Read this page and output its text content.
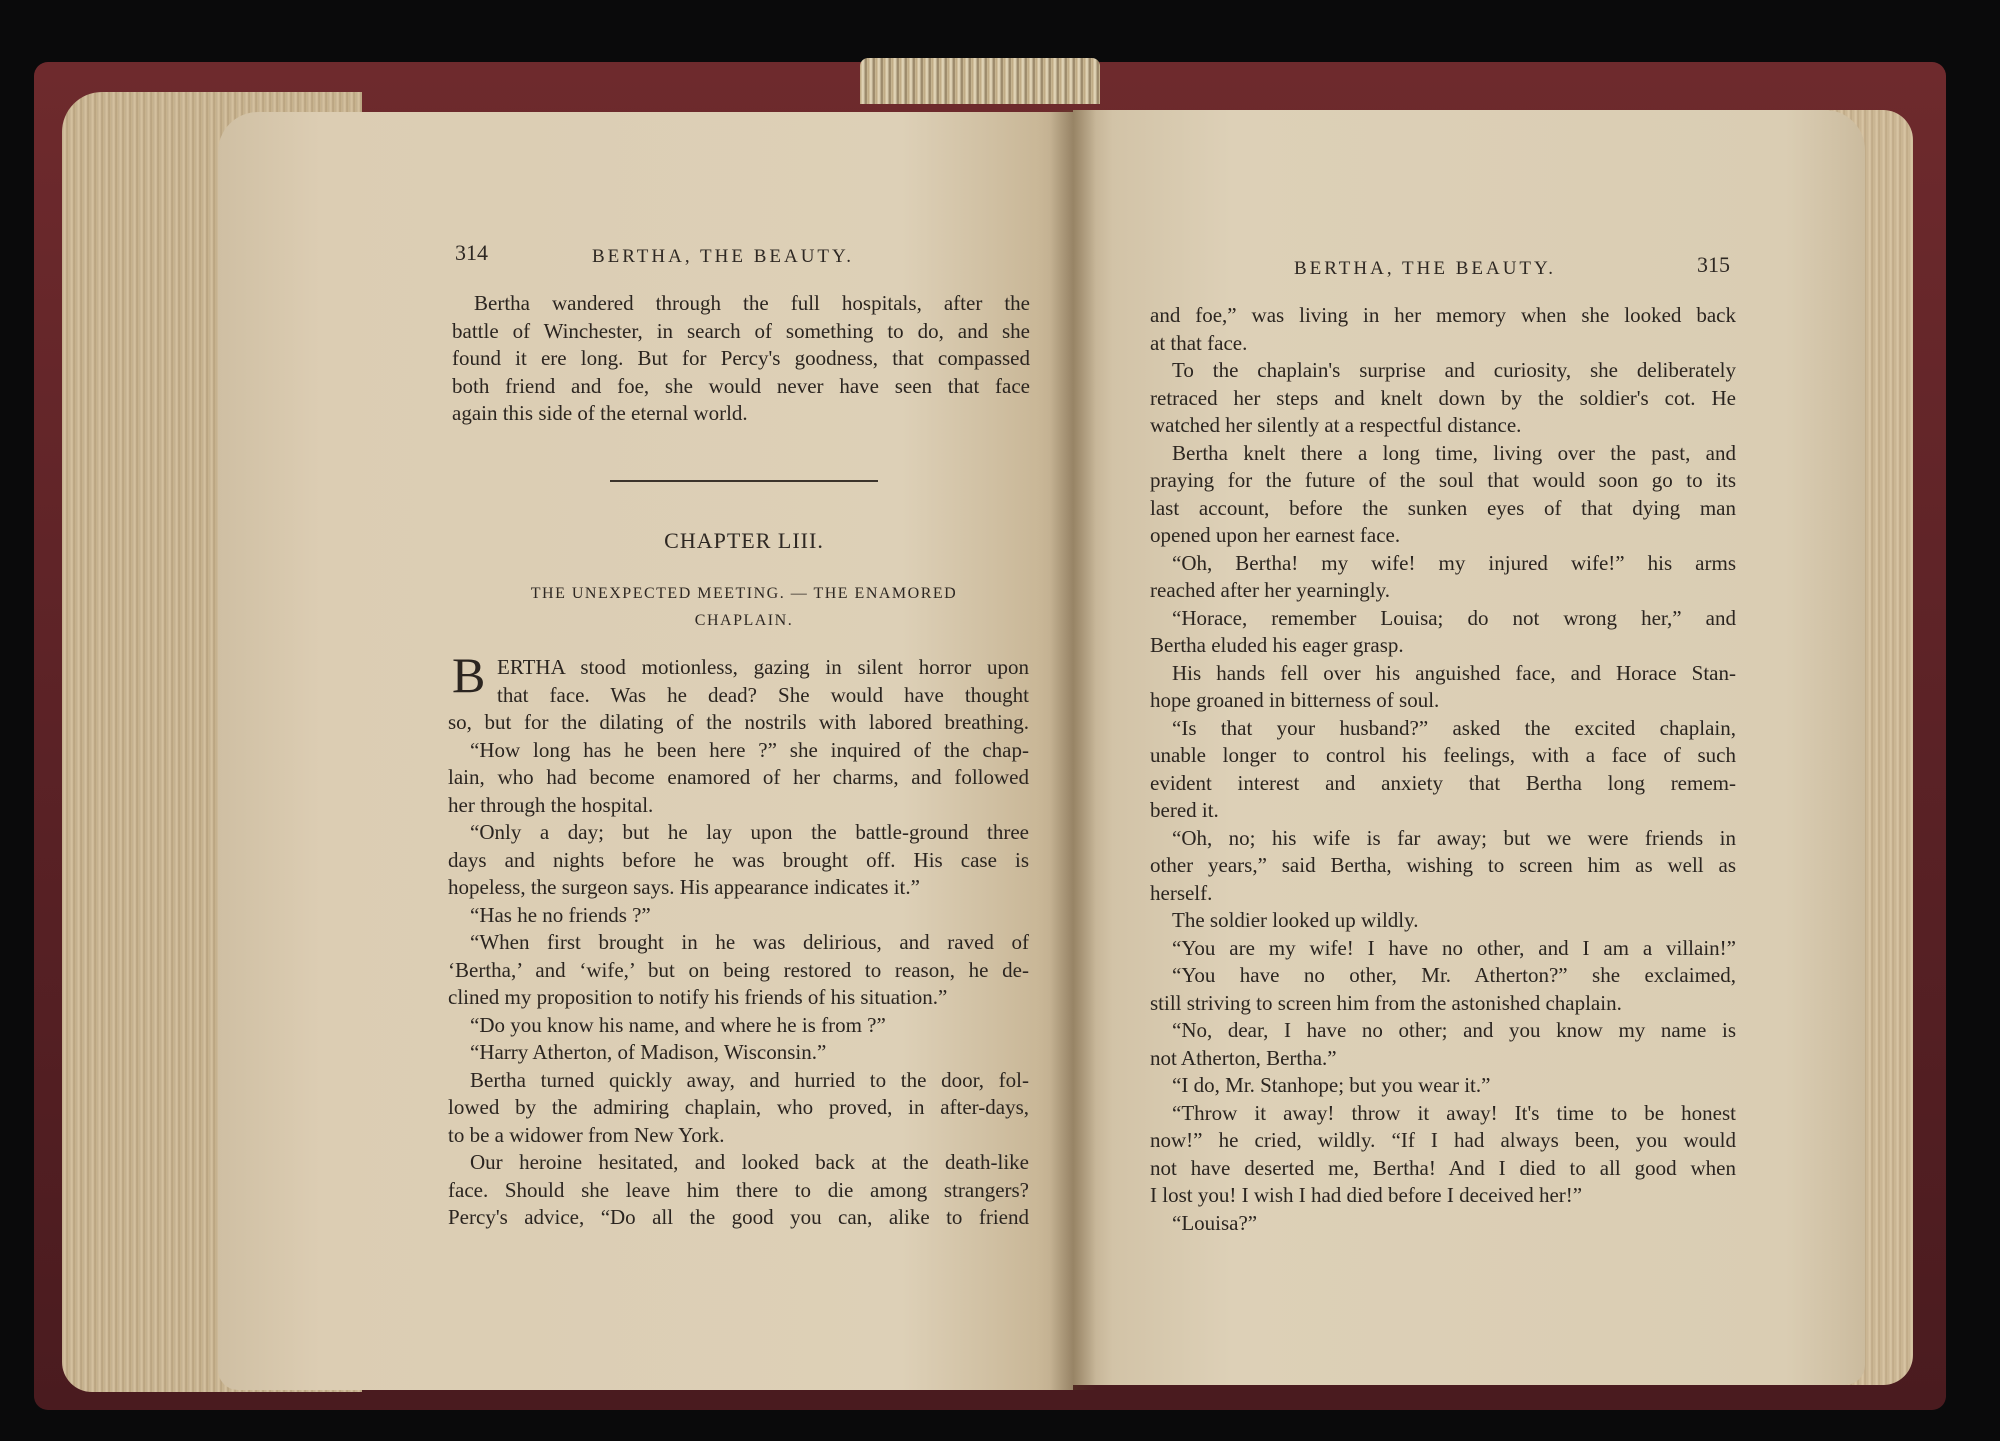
314	BERTHA, THE BEAUTY.
Bertha wandered through the full hospitals, after the
battle of Winchester, in search of something to do, and she
found it ere long. But for Percy's goodness, that compassed
both friend and foe, she would never have seen that face
again this side of the eternal world.
CHAPTER LIII.
THE UNEXPECTED MEETING. — THE ENAMORED
CHAPLAIN.
B ERTHA stood motionless, gazing in silent horror upon
that face. Was he dead? She would have thought
so, but for the dilating of the nostrils with labored breathing.
“How long has he been here ?” she inquired of the chap-
lain, who had become enamored of her charms, and followed
her through the hospital.
“Only a day; but he lay upon the battle-ground three
days and nights before he was brought off. His case is
hopeless, the surgeon says. His appearance indicates it.”
“Has he no friends ?”
“When first brought in he was delirious, and raved of
‘Bertha,’ and ‘wife,’ but on being restored to reason, he de-
clined my proposition to notify his friends of his situation.”
“Do you know his name, and where he is from ?”
“Harry Atherton, of Madison, Wisconsin.”
Bertha turned quickly away, and hurried to the door, fol-
lowed by the admiring chaplain, who proved, in after-days,
to be a widower from New York.
Our heroine hesitated, and looked back at the death-like
face. Should she leave him there to die among strangers?
Percy's advice, “Do all the good you can, alike to friend
BERTHA, THE BEAUTY.	315
and foe,” was living in her memory when she looked back
at that face.
To the chaplain's surprise and curiosity, she deliberately
retraced her steps and knelt down by the soldier's cot. He
watched her silently at a respectful distance.
Bertha knelt there a long time, living over the past, and
praying for the future of the soul that would soon go to its
last account, before the sunken eyes of that dying man
opened upon her earnest face.
“Oh, Bertha! my wife! my injured wife!” his arms
reached after her yearningly.
“Horace, remember Louisa; do not wrong her,” and
Bertha eluded his eager grasp.
His hands fell over his anguished face, and Horace Stan-
hope groaned in bitterness of soul.
“Is that your husband?” asked the excited chaplain,
unable longer to control his feelings, with a face of such
evident interest and anxiety that Bertha long remem-
bered it.
“Oh, no; his wife is far away; but we were friends in
other years,” said Bertha, wishing to screen him as well as
herself.
The soldier looked up wildly.
“You are my wife! I have no other, and I am a villain!”
“You have no other, Mr. Atherton?” she exclaimed,
still striving to screen him from the astonished chaplain.
“No, dear, I have no other; and you know my name is
not Atherton, Bertha.”
“I do, Mr. Stanhope; but you wear it.”
“Throw it away! throw it away! It's time to be honest
now!” he cried, wildly. “If I had always been, you would
not have deserted me, Bertha! And I died to all good when
I lost you! I wish I had died before I deceived her!”
“Louisa?”
